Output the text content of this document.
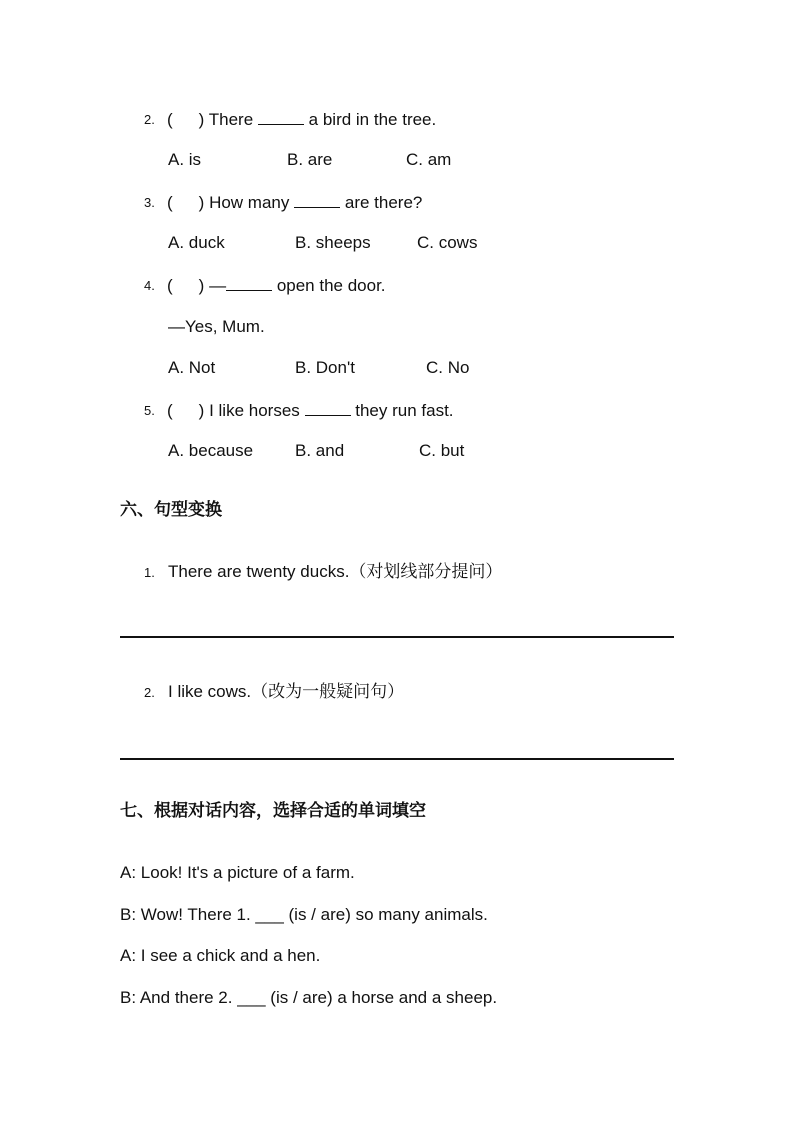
2. ( ) There	a bird in the tree.
A. is	B. are	C. am
3. ( ) How many	are there?
A. duck	B. sheeps	C. cows
4. ( ) —	open the door.
—Yes, Mum.
A. Not	B. Don't	C. No
5. ( ) I like horses	they run fast.
A. because B. and	C. but
六、句型变换
1. There are twenty ducks.（对划线部分提问）
2. I like cows.（改为一般疑问句）
七、根据对话内容，选择合适的单词填空
A: Look! It's a picture of a farm.
B: Wow! There 1. ___ (is / are) so many animals.
A: I see a chick and a hen.
B: And there 2. ___ (is / are) a horse and a sheep.
